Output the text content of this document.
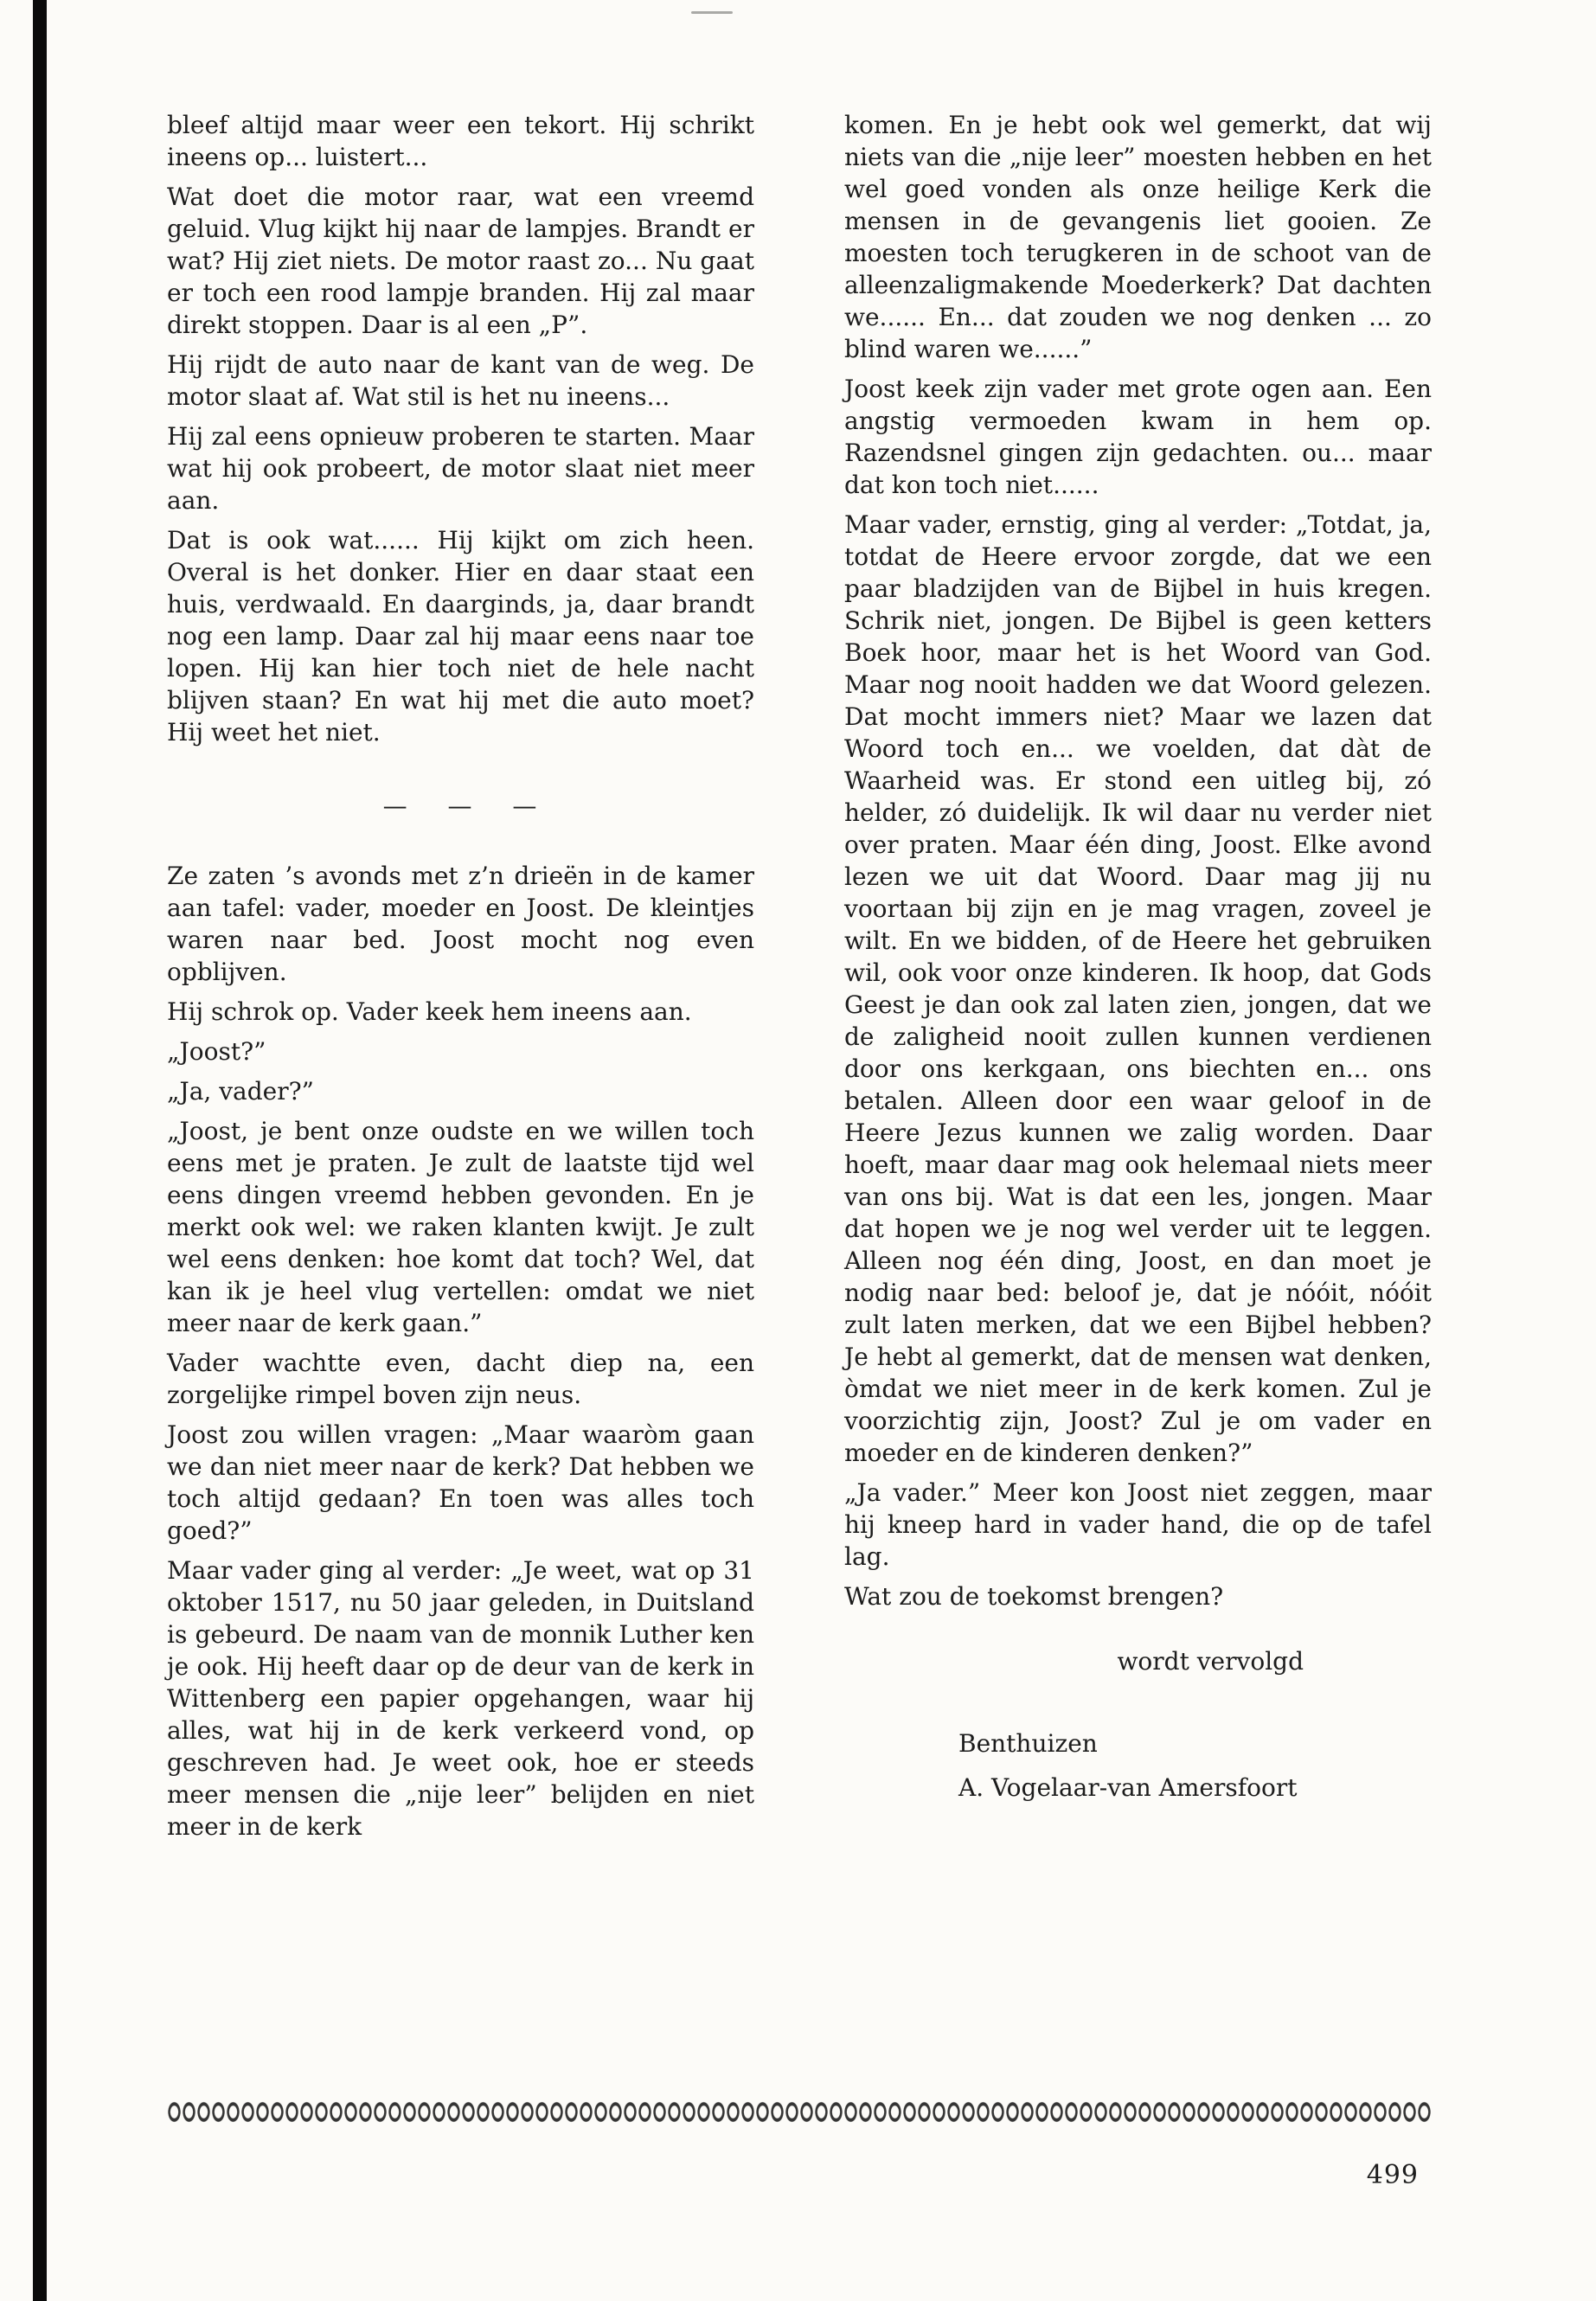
bleef altijd maar weer een tekort. Hij schrikt ineens op... luistert...

Wat doet die motor raar, wat een vreemd geluid. Vlug kijkt hij naar de lampjes. Brandt er wat? Hij ziet niets. De motor raast zo... Nu gaat er toch een rood lampje branden. Hij zal maar direkt stoppen. Daar is al een „P”.

Hij rijdt de auto naar de kant van de weg. De motor slaat af. Wat stil is het nu ineens...

Hij zal eens opnieuw proberen te starten. Maar wat hij ook probeert, de motor slaat niet meer aan.

Dat is ook wat...... Hij kijkt om zich heen. Overal is het donker. Hier en daar staat een huis, verdwaald. En daarginds, ja, daar brandt nog een lamp. Daar zal hij maar eens naar toe lopen. Hij kan hier toch niet de hele nacht blijven staan? En wat hij met die auto moet? Hij weet het niet.

— — —

Ze zaten ’s avonds met z’n drieën in de kamer aan tafel: vader, moeder en Joost. De kleintjes waren naar bed. Joost mocht nog even opblijven.

Hij schrok op. Vader keek hem ineens aan.

„Joost?”

„Ja, vader?”

„Joost, je bent onze oudste en we willen toch eens met je praten. Je zult de laatste tijd wel eens dingen vreemd hebben gevonden. En je merkt ook wel: we raken klanten kwijt. Je zult wel eens denken: hoe komt dat toch? Wel, dat kan ik je heel vlug vertellen: omdat we niet meer naar de kerk gaan.”

Vader wachtte even, dacht diep na, een zorgelijke rimpel boven zijn neus.

Joost zou willen vragen: „Maar waaròm gaan we dan niet meer naar de kerk? Dat hebben we toch altijd gedaan? En toen was alles toch goed?”

Maar vader ging al verder: „Je weet, wat op 31 oktober 1517, nu 50 jaar geleden, in Duitsland is gebeurd. De naam van de monnik Luther ken je ook. Hij heeft daar op de deur van de kerk in Wittenberg een papier opgehangen, waar hij alles, wat hij in de kerk verkeerd vond, op geschreven had. Je weet ook, hoe er steeds meer mensen die „nije leer” belijden en niet meer in de kerk

komen. En je hebt ook wel gemerkt, dat wij niets van die „nije leer” moesten hebben en het wel goed vonden als onze heilige Kerk die mensen in de gevangenis liet gooien. Ze moesten toch terugkeren in de schoot van de alleenzaligmakende Moederkerk? Dat dachten we...... En... dat zouden we nog denken ... zo blind waren we......”

Joost keek zijn vader met grote ogen aan. Een angstig vermoeden kwam in hem op. Razendsnel gingen zijn gedachten. ou... maar dat kon toch niet......

Maar vader, ernstig, ging al verder: „Totdat, ja, totdat de Heere ervoor zorgde, dat we een paar bladzijden van de Bijbel in huis kregen. Schrik niet, jongen. De Bijbel is geen ketters Boek hoor, maar het is het Woord van God. Maar nog nooit hadden we dat Woord gelezen. Dat mocht immers niet? Maar we lazen dat Woord toch en... we voelden, dat dàt de Waarheid was. Er stond een uitleg bij, zó helder, zó duidelijk. Ik wil daar nu verder niet over praten. Maar één ding, Joost. Elke avond lezen we uit dat Woord. Daar mag jij nu voortaan bij zijn en je mag vragen, zoveel je wilt. En we bidden, of de Heere het gebruiken wil, ook voor onze kinderen. Ik hoop, dat Gods Geest je dan ook zal laten zien, jongen, dat we de zaligheid nooit zullen kunnen verdienen door ons kerkgaan, ons biechten en... ons betalen. Alleen door een waar geloof in de Heere Jezus kunnen we zalig worden. Daar hoeft, maar daar mag ook helemaal niets meer van ons bij. Wat is dat een les, jongen. Maar dat hopen we je nog wel verder uit te leggen. Alleen nog één ding, Joost, en dan moet je nodig naar bed: beloof je, dat je nóóit, nóóit zult laten merken, dat we een Bijbel hebben? Je hebt al gemerkt, dat de mensen wat denken, òmdat we niet meer in de kerk komen. Zul je voorzichtig zijn, Joost? Zul je om vader en moeder en de kinderen denken?”

„Ja vader.” Meer kon Joost niet zeggen, maar hij kneep hard in vader hand, die op de tafel lag.

Wat zou de toekomst brengen?

wordt vervolgd

Benthuizen

A. Vogelaar-van Amersfoort

499
